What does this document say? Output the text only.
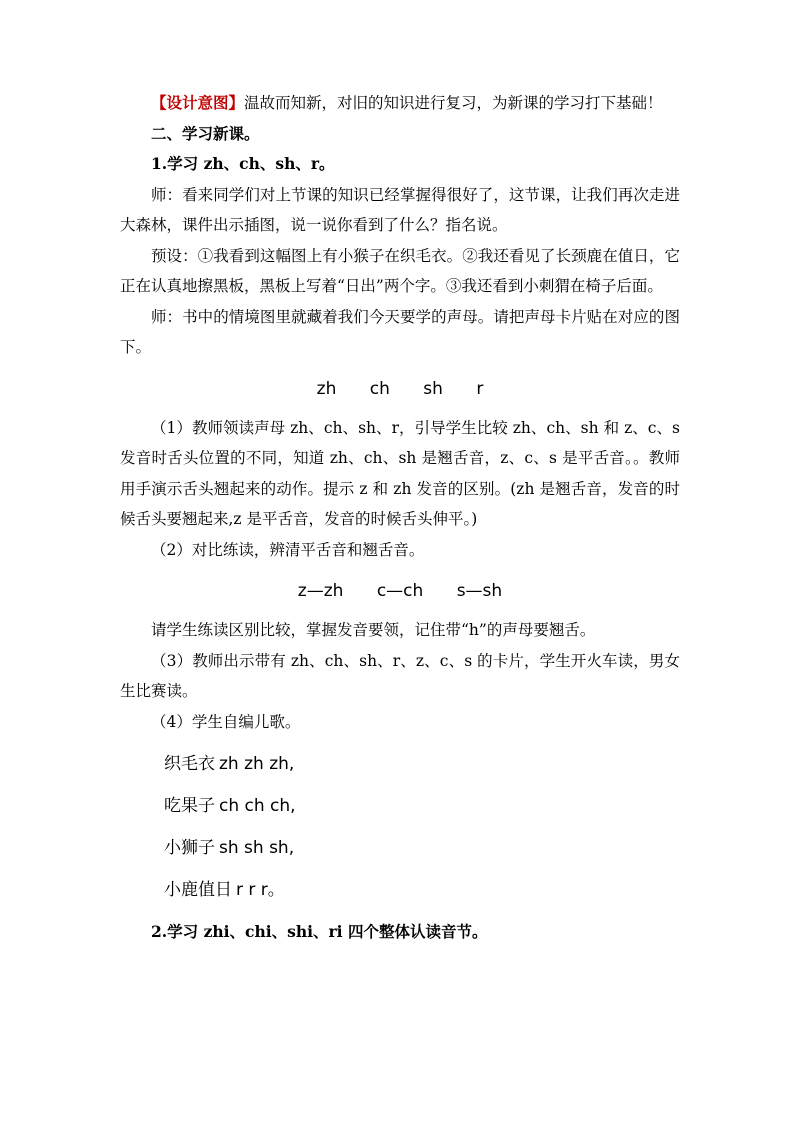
【设计意图】温故而知新，对旧的知识进行复习，为新课的学习打下基础！

二、学习新课。

1.学习 zh、ch、sh、r。

师：看来同学们对上节课的知识已经掌握得很好了，这节课，让我们再次走进大森林，课件出示插图，说一说你看到了什么？指名说。

预设：①我看到这幅图上有小猴子在织毛衣。②我还看见了长颈鹿在值日，它正在认真地擦黑板，黑板上写着“日出”两个字。③我还看到小刺猬在椅子后面。

师：书中的情境图里就藏着我们今天要学的声母。请把声母卡片贴在对应的图下。

zh ch sh r

（1）教师领读声母 zh、ch、sh、r，引导学生比较 zh、ch、sh 和 z、c、s 发音时舌头位置的不同，知道 zh、ch、sh 是翘舌音，z、c、s 是平舌音。。教师用手演示舌头翘起来的动作。提示 z 和 zh 发音的区别。(zh 是翘舌音，发音的时候舌头要翘起来,z 是平舌音，发音的时候舌头伸平。)

（2）对比练读，辨清平舌音和翘舌音。

z—zh c—ch s—sh

请学生练读区别比较，掌握发音要领，记住带“h”的声母要翘舌。

（3）教师出示带有 zh、ch、sh、r、z、c、s 的卡片，学生开火车读，男女生比赛读。

（4）学生自编儿歌。

织毛衣 zh zh zh,
吃果子 ch ch ch,
小狮子 sh sh sh,
小鹿值日 r r r。

2.学习 zhi、chi、shi、ri 四个整体认读音节。
